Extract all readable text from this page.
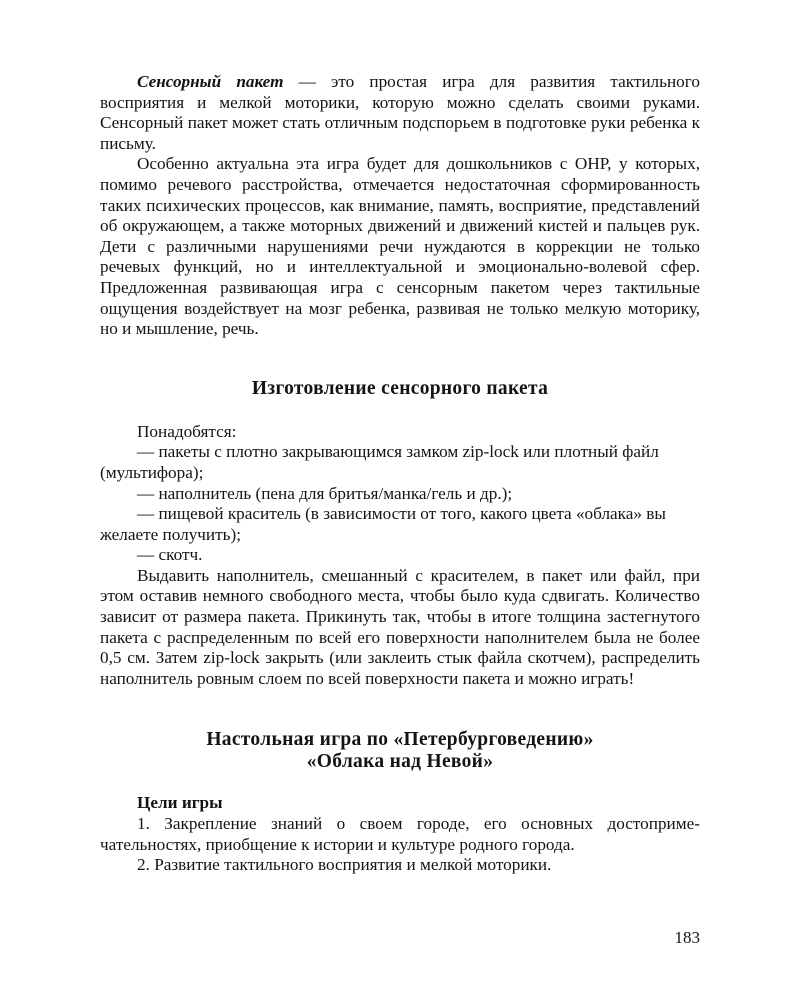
Сенсорный пакет — это простая игра для развития тактильного восприятия и мелкой моторики, которую можно сделать своими руками. Сенсорный пакет может стать отличным подспорьем в подготовке руки ребенка к письму.

Особенно актуальна эта игра будет для дошкольников с ОНР, у которых, помимо речевого расстройства, отмечается недостаточная сформированность таких психических процессов, как внимание, память, восприятие, представлений об окружающем, а также моторных движений и движений кистей и пальцев рук. Дети с различными нарушениями речи нуждаются в коррекции не только речевых функций, но и интеллектуальной и эмоционально-волевой сфер. Предложенная развивающая игра с сенсорным пакетом через тактильные ощущения воздействует на мозг ребенка, развивая не только мелкую моторику, но и мышление, речь.

Изготовление сенсорного пакета

Понадобятся:

— пакеты с плотно закрывающимся замком zip-lock или плотный файл (мультифора);

— наполнитель (пена для бритья/манка/гель и др.);

— пищевой краситель (в зависимости от того, какого цвета «облака» вы желаете получить);

— скотч.

Выдавить наполнитель, смешанный с красителем, в пакет или файл, при этом оставив немного свободного места, чтобы было куда сдвигать. Количество зависит от размера пакета. Прикинуть так, чтобы в итоге толщина застегнутого пакета с распределенным по всей его поверхности наполнителем была не более 0,5 см. Затем zip-lock закрыть (или заклеить стык файла скотчем), распределить наполнитель ровным слоем по всей поверхности пакета и можно играть!

Настольная игра по «Петербурговедению»
«Облака над Невой»

Цели игры

1. Закрепление знаний о своем городе, его основных достопримечательностях, приобщение к истории и культуре родного города.

2. Развитие тактильного восприятия и мелкой моторики.

183
